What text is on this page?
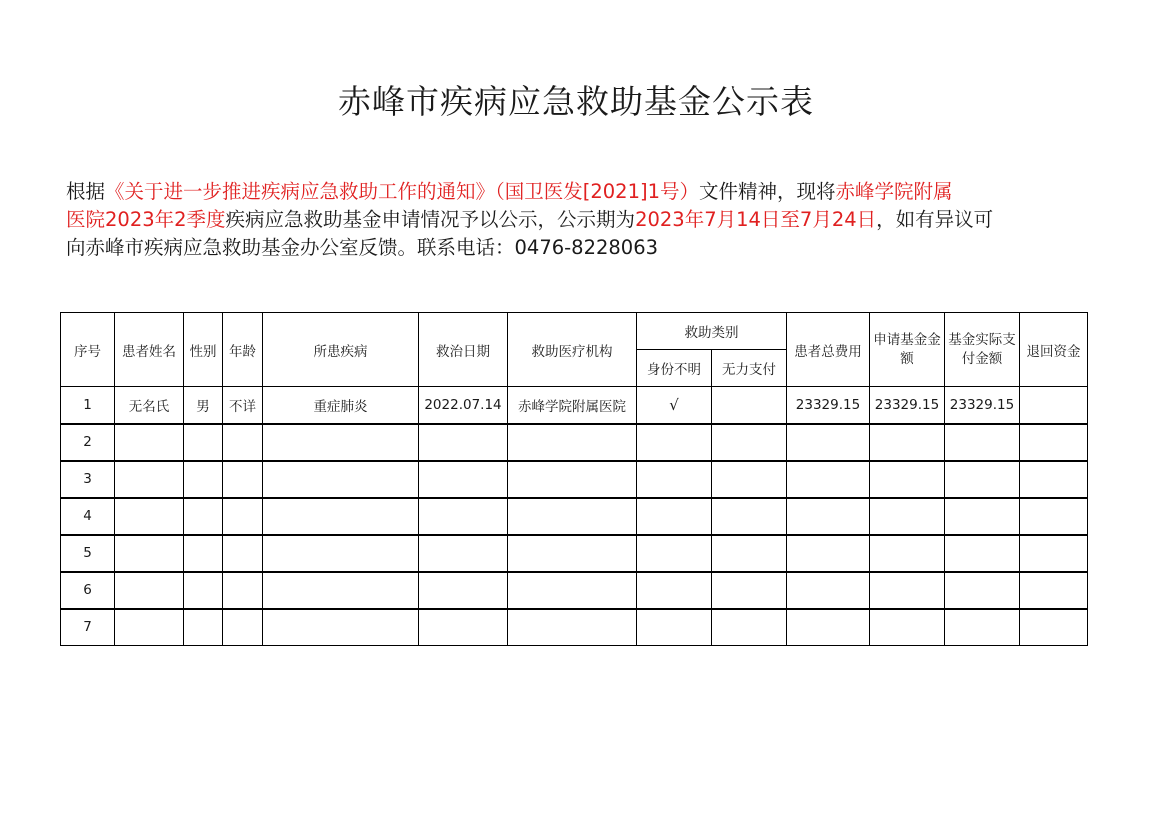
赤峰市疾病应急救助基金公示表
根据《关于进一步推进疾病应急救助工作的通知》（国卫医发[2021]1号）文件精神，现将赤峰学院附属
医院2023年2季度疾病应急救助基金申请情况予以公示，公示期为2023年7月14日至7月24日，如有异议可
向赤峰市疾病应急救助基金办公室反馈。联系电话：0476-8228063
序号	患者姓名	性别	年龄	所患疾病	救治日期	救助医疗机构	救助类别		患者总费用	申请基金金额	基金实际支付金额	退回资金
							身份不明	无力支付				
1	无名氏	男	不详	重症肺炎	2022.07.14	赤峰学院附属医院	√		23329.15	23329.15	23329.15	
2												
3												
4												
5												
6												
7												
